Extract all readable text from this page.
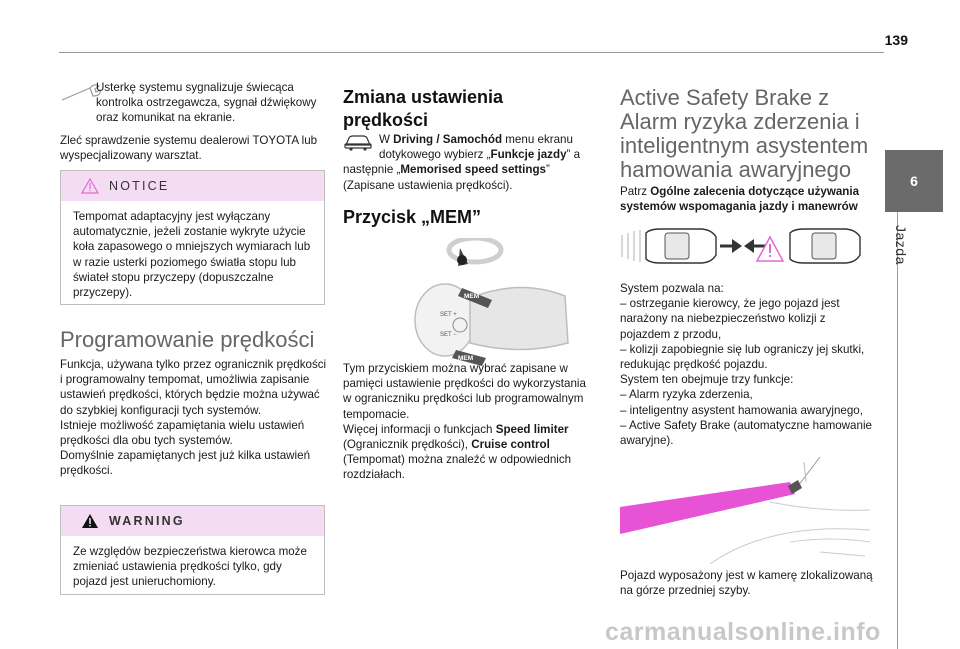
139
6
Jazda

Usterkę systemu sygnalizuje świecąca kontrolka ostrzegawcza, sygnał dźwiękowy oraz komunikat na ekranie.

Zleć sprawdzenie systemu dealerowi TOYOTA lub wyspecjalizowany warsztat.

NOTICE

Tempomat adaptacyjny jest wyłączany automatycznie, jeżeli zostanie wykryte użycie koła zapasowego o mniejszych wymiarach lub w razie usterki poziomego światła stopu lub świateł stopu przyczepy (dopuszczalne przyczepy).

Programowanie prędkości

Funkcja, używana tylko przez ogranicznik prędkości i programowalny tempomat, umożliwia zapisanie ustawień prędkości, których będzie można używać do szybkiej konfiguracji tych systemów.

Istnieje możliwość zapamiętania wielu ustawień prędkości dla obu tych systemów.

Domyślnie zapamiętanych jest już kilka ustawień prędkości.

WARNING

Ze względów bezpieczeństwa kierowca może zmieniać ustawienia prędkości tylko, gdy pojazd jest unieruchomiony.

Zmiana ustawienia prędkości

W Driving / Samochód menu ekranu dotykowego wybierz „Funkcje jazdy” a następnie „Memorised speed settings” (Zapisane ustawienia prędkości).

Przycisk „MEM”
MEM
SET +
SET −
MEM

Tym przyciskiem można wybrać zapisane w pamięci ustawienie prędkości do wykorzystania w ograniczniku prędkości lub programowalnym tempomacie.

Więcej informacji o funkcjach Speed limiter (Ogranicznik prędkości), Cruise control (Tempomat) można znaleźć w odpowiednich rozdziałach.

Active Safety Brake z Alarm ryzyka zderzenia i inteligentnym asystentem hamowania awaryjnego

Patrz Ogólne zalecenia dotyczące używania systemów wspomagania jazdy i manewrów

System pozwala na:

– ostrzeganie kierowcy, że jego pojazd jest narażony na niebezpieczeństwo kolizji z pojazdem z przodu,

– kolizji zapobiegnie się lub ograniczy jej skutki, redukując prędkość pojazdu.

System ten obejmuje trzy funkcje:

– Alarm ryzyka zderzenia,

– inteligentny asystent hamowania awaryjnego,

– Active Safety Brake (automatyczne hamowanie awaryjne).

Pojazd wyposażony jest w kamerę zlokalizowaną na górze przedniej szyby.

carmanualsonline.info
